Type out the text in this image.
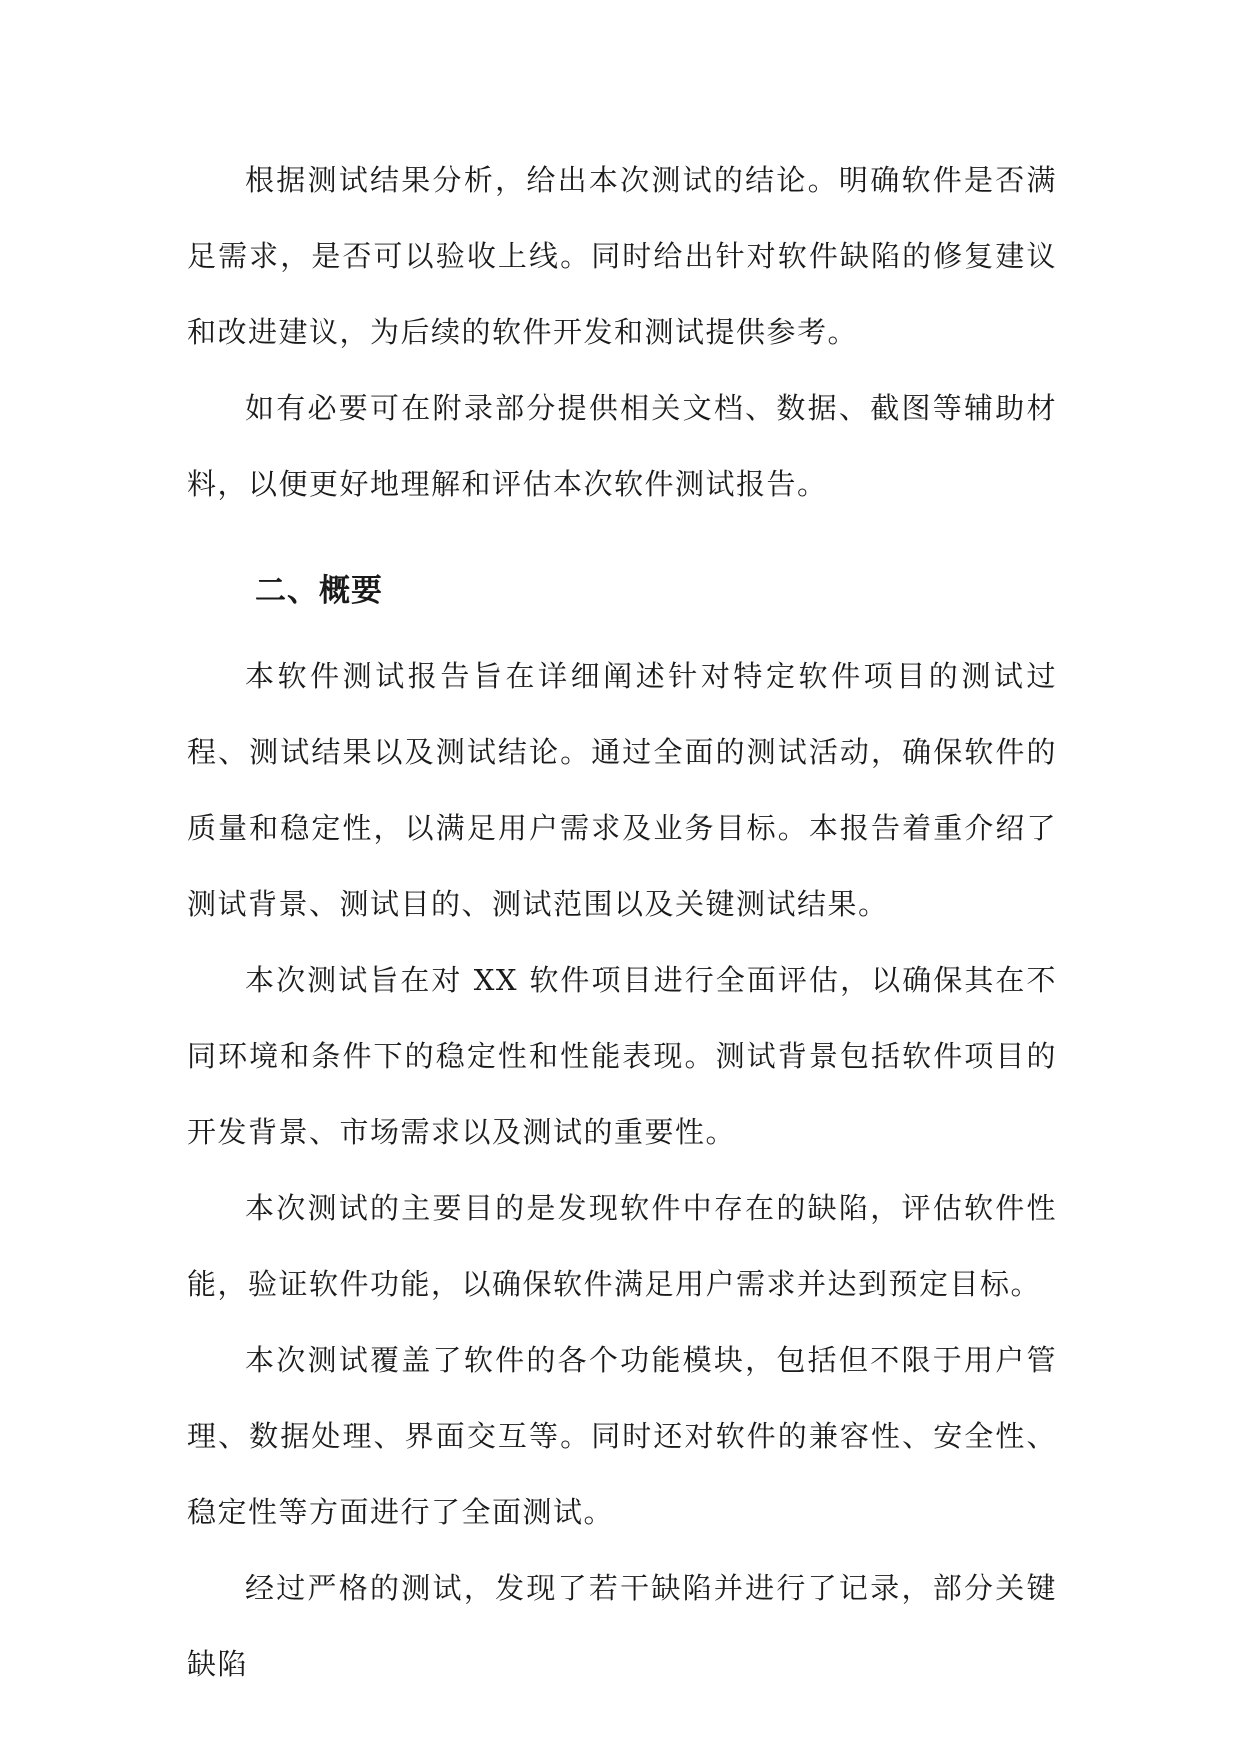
根据测试结果分析，给出本次测试的结论。明确软件是否满足需求，是否可以验收上线。同时给出针对软件缺陷的修复建议和改进建议，为后续的软件开发和测试提供参考。

如有必要可在附录部分提供相关文档、数据、截图等辅助材料，以便更好地理解和评估本次软件测试报告。

二、概要

本软件测试报告旨在详细阐述针对特定软件项目的测试过程、测试结果以及测试结论。通过全面的测试活动，确保软件的质量和稳定性，以满足用户需求及业务目标。本报告着重介绍了测试背景、测试目的、测试范围以及关键测试结果。

本次测试旨在对 XX 软件项目进行全面评估，以确保其在不同环境和条件下的稳定性和性能表现。测试背景包括软件项目的开发背景、市场需求以及测试的重要性。

本次测试的主要目的是发现软件中存在的缺陷，评估软件性能，验证软件功能，以确保软件满足用户需求并达到预定目标。

本次测试覆盖了软件的各个功能模块，包括但不限于用户管理、数据处理、界面交互等。同时还对软件的兼容性、安全性、稳定性等方面进行了全面测试。

经过严格的测试，发现了若干缺陷并进行了记录，部分关键缺陷
